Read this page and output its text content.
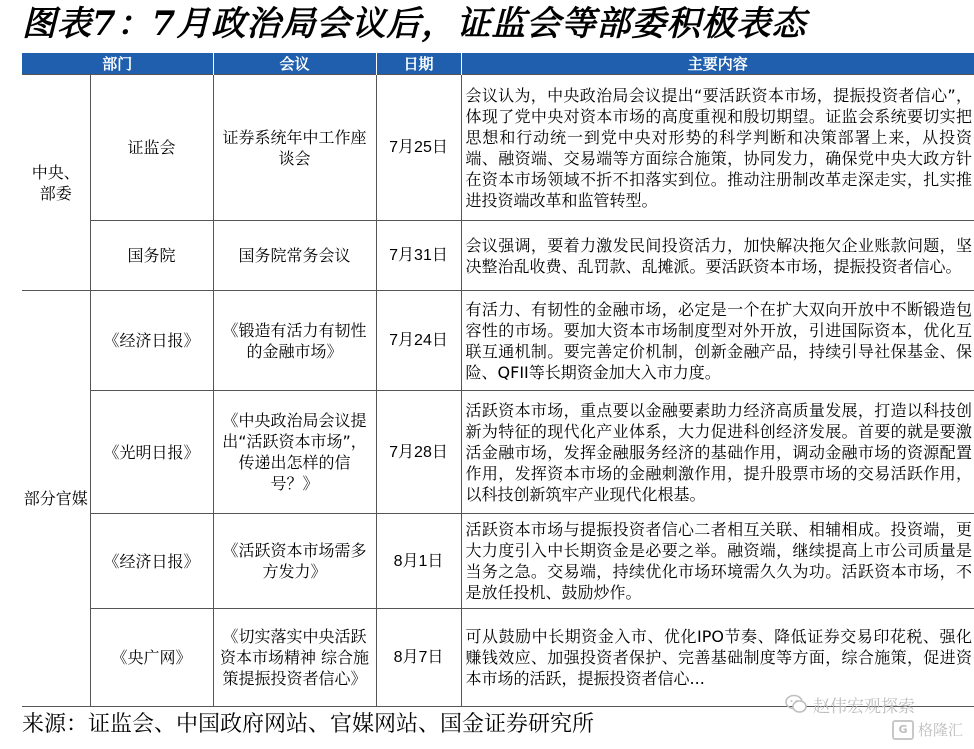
图表7：7月政治局会议后，证监会等部委积极表态
部门		会议	日期	主要内容
中央、
部委	证监会	证券系统年中工作座谈会	7月25日	会议认为，中央政治局会议提出“要活跃资本市场，提振投资者信心”，体现了党中央对资本市场的高度重视和殷切期望。证监会系统要切实把思想和行动统一到党中央对形势的科学判断和决策部署上来，从投资端、融资端、交易端等方面综合施策，协同发力，确保党中央大政方针在资本市场领域不折不扣落实到位。推动注册制改革走深走实，扎实推进投资端改革和监管转型。

	国务院	国务院常务会议	7月31日	会议强调，要着力激发民间投资活力，加快解决拖欠企业账款问题，坚决整治乱收费、乱罚款、乱摊派。要活跃资本市场，提振投资者信心。

部分官媒	《经济日报》	《锻造有活力有韧性的金融市场》	7月24日	有活力、有韧性的金融市场，必定是一个在扩大双向开放中不断锻造包容性的市场。要加大资本市场制度型对外开放，引进国际资本，优化互联互通机制。要完善定价机制，创新金融产品，持续引导社保基金、保险、QFII等长期资金加大入市力度。

	《光明日报》	《中央政治局会议提出“活跃资本市场”，传递出怎样的信号？》	7月28日	活跃资本市场，重点要以金融要素助力经济高质量发展，打造以科技创新为特征的现代化产业体系，大力促进科创经济发展。首要的就是要激活金融市场，发挥金融服务经济的基础作用，调动金融市场的资源配置作用，发挥资本市场的金融刺激作用，提升股票市场的交易活跃作用，以科技创新筑牢产业现代化根基。

	《经济日报》	《活跃资本市场需多方发力》	8月1日	活跃资本市场与提振投资者信心二者相互关联、相辅相成。投资端，更大力度引入中长期资金是必要之举。融资端，继续提高上市公司质量是当务之急。交易端，持续优化市场环境需久久为功。活跃资本市场，不是放任投机、鼓励炒作。

	《央广网》	《切实落实中央活跃资本市场精神 综合施策提振投资者信心》	8月7日	可从鼓励中长期资金入市、优化IPO节奏、降低证券交易印花税、强化赚钱效应、加强投资者保护、完善基础制度等方面，综合施策，促进资本市场的活跃，提振投资者信心...
来源：证监会、中国政府网站、官媒网站、国金证券研究所
赵伟宏观探索
G 格隆汇
